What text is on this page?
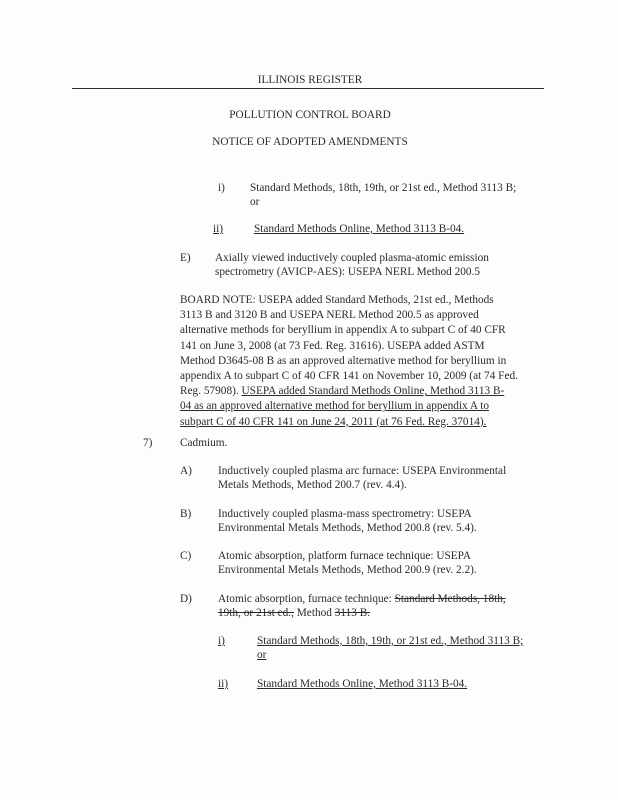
ILLINOIS REGISTER
POLLUTION CONTROL BOARD
NOTICE OF ADOPTED AMENDMENTS
i) Standard Methods, 18th, 19th, or 21st ed., Method 3113 B;
or
ii)	Standard Methods Online, Method 3113 B-04.
E) Axially viewed inductively coupled plasma-atomic emission
spectrometry (AVICP-AES): USEPA NERL Method 200.5
BOARD NOTE: USEPA added Standard Methods, 21st ed., Methods
3113 B and 3120 B and USEPA NERL Method 200.5 as approved
alternative methods for beryllium in appendix A to subpart C of 40 CFR
141 on June 3, 2008 (at 73 Fed. Reg. 31616). USEPA added ASTM
Method D3645-08 B as an approved alternative method for beryllium in
appendix A to subpart C of 40 CFR 141 on November 10, 2009 (at 74 Fed.
Reg. 57908). USEPA added Standard Methods Online, Method 3113 B-
04 as an approved alternative method for beryllium in appendix A to
subpart C of 40 CFR 141 on June 24, 2011 (at 76 Fed. Reg. 37014).
7) Cadmium.
A) Inductively coupled plasma arc furnace: USEPA Environmental
Metals Methods, Method 200.7 (rev. 4.4).
B) Inductively coupled plasma-mass spectrometry: USEPA
Environmental Metals Methods, Method 200.8 (rev. 5.4).
C) Atomic absorption, platform furnace technique: USEPA
Environmental Metals Methods, Method 200.9 (rev. 2.2).
D) Atomic absorption, furnace technique: Standard Methods, 18th,
19th, or 21st ed., Method 3113 B.
i)	Standard Methods, 18th, 19th, or 21st ed., Method 3113 B;
or
ii)	Standard Methods Online, Method 3113 B-04.
